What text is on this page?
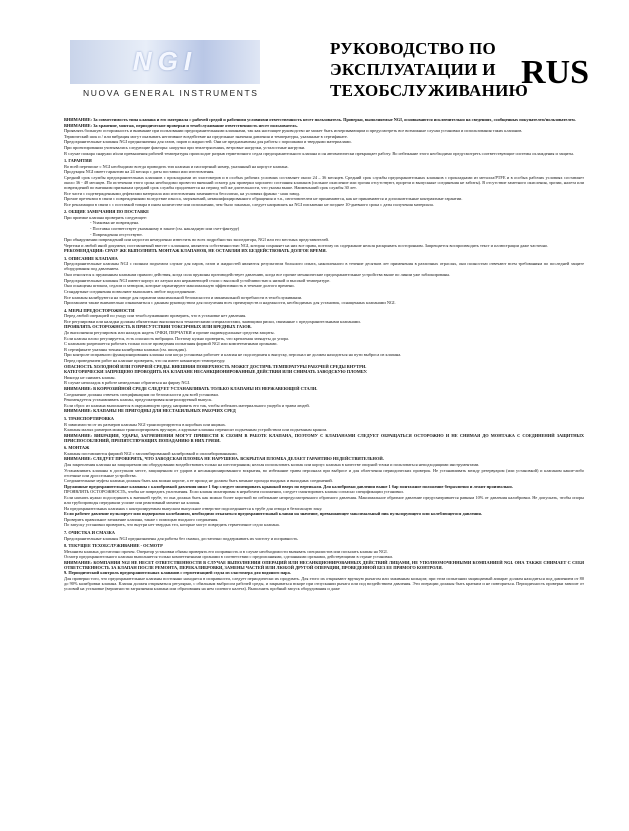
NGI
NUOVA GENERAL INSTRUMENTS
РУКОВОДСТВО ПО ЭКСПЛУАТАЦИИ И ТЕХОБСЛУЖИВАНИЮ
RUS

ВНИМАНИЕ: За совместимость типа клапана и его материала с рабочей средой и рабочими условиями ответственность несет пользователь. Проверки, выполняемые NGI, основываются исключительно на сведениях, сообщенных покупателем/пользователем.

ВНИМАНИЕ: За хранение, монтаж, периодические проверки и техобслуживание ответственность несет пользователь.

Проявлять большую осторожность и внимание при пользовании предохранительными клапанами, так как настоящее руководство не может быть исчерпывающим и предусмотреть все возможные случаи установки и использования таких клапанов.

Термический шок и / или вибрация могут оказывать негативное воздействие на предельные значения давления и температуры, указанные в сертификате.

Предохранительные клапаны NGI предназначены для газов, паров и жидкостей. Они не предназначены для работы с порошками и твердыми материалами.

При проектировании учитывались следующие факторы: нагрузки при землетрясениях, ветровые нагрузки, усталостные нагрузки.

В случае пожара снаружи и/или превышения рабочей температуры происходит разрыв герметичного седла предохранительного клапана и он автоматически прекращает работу. Во избежание этого необходимо предусмотреть соответствующие системы охлаждения и защиты.

1. ГАРАНТИЯ

Во всей переписке с NGI необходимо всегда приводить тип клапана и паспортный номер, указанный на корпусе клапана.

Продукция NGI имеет гарантию на 24 месяца с даты поставки или изготовления.

Средний срок службы предохранительных клапанов с прокладками из эластомеров и в особых рабочих условиях составляет около 24 – 36 месяцев. Средний срок службы предохранительных клапанов с прокладками из металла/PTFE и в особых рабочих условиях составляет около 36 - 48 месяцев. По истечении этого срока необходимо провести внешний осмотр для проверки хорошего состояния клапанов (сильное окисление или эрозия отсутствуют, прорези и выпускные соединения не забиты). В отсутствие заметного окисления, эрозии, налета или повреждений по внешним признакам средний срок службы продлевается на период той же длительности, что указан выше. Наименьший срок службы 30 лет.

Все части с подтвержденными дефектами материала или изготовления заменяются бесплатно, на условиях франко - наш завод.

Прочие претензии в связи с повреждениями вследствие износа, загрязнений, неквалифицированного обращения и т.п., изготовителем не принимаются, как не принимаются и дополнительные контрактные гарантии.

Все рекламации в связи с с поставкой товара в ином количестве или исполнении, чем было заказано, следует направлять на NGI письменно не позднее 10-дневного срока с даты получения материала.

2. ОБЩИЕ ЗАМЕЧАНИЯ ПО ПОСТАВКЕ

При приемке клапана проверить следующее:

- Упаковка не повреждена.

- Поставка соответствует указанному в заказе (см. накладную или счет-фактуру)

- Повреждения отсутствуют.

При обнаружении повреждений или недостач немедленно известить во всех подробностях экспедитора, NGI или его местных представителей.

Чертежи и любой иной документ, поставляемый вместе с клапаном, являются собственностью NGI, которая сохраняет на них все права, поэтому их содержание нельзя раскрывать посторонним. Запрещается воспроизводить текст и иллюстрации даже частично.

РЕКОМЕНДАЦИЯ: СРАЗУ ЖЕ ВЫПОЛНИТЬ МОНТАЖ КЛАПАНОВ, НЕ ОСТАВЛЯЯ ИХ БЕЗДЕЙСТВОВАТЬ ДОЛГОЕ ВРЕМЯ.

3. ОПИСАНИЕ КЛАПАНА

Предохранительные клапаны NGI с полным подъемом служат для паров, газов и жидкостей являются результатом большого опыта, накопленного в течение десятков лет применения в различных отраслях, они полностью отвечают всем требованиям по последней защите оборудования под давлением.

Они относятся к пружинным клапанам прямого действия, когда сила пружины противодействует давлению, когда все прочие механические предохранительные устройства выше по линии уже заблокированы.

Предохранительные клапаны NGI имеют корпус из латуни или нержавеющей стали с высокой устойчивостью к низкой и высокой температуре.

Они оснащены штоком, седлом и затвором, которые гарантируют максимальную эффективность в течение долгого времени.

Стандартные соединения позволяют выполнить любое подсоединение.

Все клапаны калибруются на заводе для гарантии максимальной безопасности и минимальной потребности в техобслуживании.

Приглашаем также внимательно ознакомиться с данным руководством для получения всех преимуществ и надежности, необходимых для установок, оснащенных клапанами NGI.

4. МЕРЫ ПРЕДОСТОРОЖНОСТИ

Перед любой операцией по уходу или техобслуживанию проверить, что в установке нет давления.

Все регулировки или наладки должны обязательно выполняться техническими специалистами, знающими риски, связанные с предохранительными клапанами.

ПРОЯВЛЯТЬ ОСТОРОЖНОСТЬ В ПРИСУТСТВИИ ТОКСИЧНЫХ ИЛИ ВРЕДНЫХ ГАЗОВ.

До выполнения регулировок или наладок надеть ОЧКИ, ПЕРЧАТКИ и прочие индивидуальные средства защиты.

Если клапан плохо регулируется, есть опасность вибрации. Поэтому нужно проверить, что крепления затянуты до упора.

С клапаном разрешается работать только после проведения испытания фирмой NGI или компетентными органами.

В сертификате указаны точная калибровка клапана (см. шильдик).

При контроле исправного функционирования клапана или когда установка работает и клапан не подсоединен к выпуску, персонал не должен находиться на пути выброса из клапана.

Перед проведением работ на клапане проверить, что он имеет комнатную температуру.

ОПАСНОСТЬ ХОЛОДНОЙ ИЛИ ГОРЯЧЕЙ СРЕДЫ. ВНЕШНЯЯ ПОВЕРХНОСТЬ МОЖЕТ ДОСТИЧЬ ТЕМПЕРАТУРЫ РАБОЧЕЙ СРЕДЫ ВНУТРИ.

КАТЕГОРИЧЕСКИ ЗАПРЕЩЕНО ПРОВОДИТЬ НА КЛАПАНЕ НЕСАНКЦИОНИРОВАННЫЕ ДЕЙСТВИЯ ИЛИ СНИМАТЬ ЗАВОДСКУЮ ПЛОМБУ.

Никогда не снимать клапан.

В случае неполадок в работе немедленно обратиться на фирму NGI.

ВНИМАНИЕ: В КОРРОЗИЙНОЙ СРЕДЕ СЛЕДУЕТ УСТАНАВЛИВАТЬ ТОЛЬКО КЛАПАНЫ ИЗ НЕРЖАВЕЮЩЕЙ СТАЛИ.

Соединение должны отвечать спецификациям по безопасности для всей установки.

Рекомендуется устанавливать клапан, предусматривая контролируемый выпуск.

Если сброс из клапана выполняется в окружающую среду, направить его так, чтобы избежать материального ущерба и травм людей.

ВНИМАНИЕ: КЛАПАНЫ НЕ ПРИГОДНЫ ДЛЯ НЕСТАБИЛЬНЫХ РАБОЧИХ СРЕД

5. ТРАНСПОРТИРОВКА

В зависимости от их размеров клапаны NGI транспортируются в коробках или ящиках.

Клапаны малых размеров можно транспортировать вручную, а крупные клапаны переносят подъемным устройством или подъемным краном.

ВНИМАНИЕ: ВИБРАЦИИ, УДАРЫ, ЗАГРЯЗНЕНИЯ МОГУТ ПРИВЕСТИ К СБОЯМ В РАБОТЕ КЛАПАНА, ПОЭТОМУ С КЛАПАНАМИ СЛЕДУЕТ ОБРАЩАТЬСЯ ОСТОРОЖНО И НЕ СНИМАЯ ДО МОНТАЖА С СОЕДИНЕНИЙ ЗАЩИТНЫХ ПРИСПОСОБЛЕНИЙ, ПРЕПЯТСТВУЮЩИХ ПОПАДАНИЮ В НИХ ГРЯЗИ.

6. МОНТАЖ

Клапаны поставляются фирмой NGI с запломбированной калибровкой и опломбированными.

ВНИМАНИЕ: СЛЕДУЕТ ПРОВЕРИТЬ, ЧТО ЗАВОДСКАЯ ПЛОМБА НЕ НАРУШЕНА. ВСКРЫТАЯ ПЛОМБА ДЕЛАЕТ ГАРАНТИЮ НЕДЕЙСТВИТЕЛЬНОЙ.

Для закрепления клапана на защищаемом им оборудовании воздействовать только на шестигранник; нельзя использовать колпак или корпус клапана в качестве опорной точки и пользоваться неподходящими инструментами.

Устанавливать клапаны в доступном месте, защищенном от ударов и несанкционированного вскрытия, во избежание травм персонала при выбросе и для облегчения периодических проверок. Не устанавливать между резервуаром (или установкой) и клапаном какие-либо отсечные или дроссельные устройства.

Соединительные муфты клапана должны быть как можно короче, а ее проход не должен быть меньше прохода входных и выходных соединений.

Пружинные предохранительные клапаны с калибровкой давления ниже 1 бар следует монтировать крышкой вверх по вертикали. Для калибровки давления выше 1 бар монтажное положение безразлично и лежит произвольно.

ПРОЯВЛЯТЬ ОСТОРОЖНОСТЬ, чтобы не повредить уплотнения. Если клапан монтирован в нерабочем положении, следует смонтировать клапан согласно спецификации установки.

Если нагнать нужно подсоединить к внешней трубе, то она должна быть как можно более короткой во избежание непредусмотренного обратного давления. Максимальное обратное давление предусматривается равным 10% от давления калибровки. Не допускать, чтобы опоры или трубопроводы передавали усилие или реактивный момент на клапан.

На предохранительных клапанах с контролируемым выпуском выпускное отверстие подсоединяется к трубе для отвода в безопасную зону.

Если рабочее давление пульсирует или подвержено колебаниям, необходимо отказаться предохранительный клапан на значение, превышающее максимальный пик пульсирующего или колеблющегося давления.

Проверить правильное затяжение клапана, также с помощью входного соединения.

По запуску установки проверить, что внутри нет твердых тел, которые могут повредить герметичное седло клапана.

7. ОЧИСТКА И СМАЗКА

Предохранительные клапаны NGI предназначены для работы без смазки, достаточно поддерживать их чистоту и исправность.

8. ТЕКУЩЕЕ ТЕХОБСЛУЖИВАНИЕ - ОСМОТР

Механизм клапана достаточно прочен. Оператор установки обязан проверять его исправность и в случае необходимости вызывать специалистов или посылать клапан на NGI.

Осмотр предохранительного клапана выполняется только компетентными органами в соответствии с предписаниями, сделанными органами, действующими в стране установки.

ВНИМАНИЕ: КОМПАНИЯ NGI НЕ НЕСЕТ ОТВЕТСТВЕННОСТИ В СЛУЧАЕ ВЫПОЛНЕНИЯ ОПЕРАЦИЙ ИЛИ НЕСАНКЦИОНИРОВАННЫХ ДЕЙСТВИЙ ЛИЦАМИ, НЕ УПОЛНОМОЧЕННЫМИ КОМПАНИЕЙ NGI. ОНА ТАКЖЕ СНИМАЕТ С СЕБЯ ОТВЕТСТВЕННОСТЬ ЗА КЛАПАН ПОСЛЕ РЕМОНТА, ПЕРЕКАЛИБРОВКИ, ЗАМЕНЫ ЧАСТЕЙ ИЛИ ЛЮБОЙ ДРУГОЙ ОПЕРАЦИИ, ПРОВЕДЕННОЙ БЕЗ ЕЕ ПРЯМОГО КОНТРОЛЯ.

9. Периодический контроль предохранительных клапанов с герметизацией седла из эластомера для водяного пара.

Для проверки того, что предохранительные клапаны постоянно находятся в исправности, следует периодически их продувать. Для этого их открывают вручную рычагом или зажимным кольцом; при этом испытании защищаемый аппарат должен находиться под давлением от 80 до 90% калибровки клапана. Клапан должен открываться регулярно, с обильным выбросом рабочей среды, и закрываться вскоре при отпускании рычага или под воздействием давления. Эти операции должны быть кратким и не повторяться. Периодичность проверки зависит от условий на установке (вероятности загрязнения клапана или образования на нем солевого налета). Выполнить пробный запуск оборудования и даже
